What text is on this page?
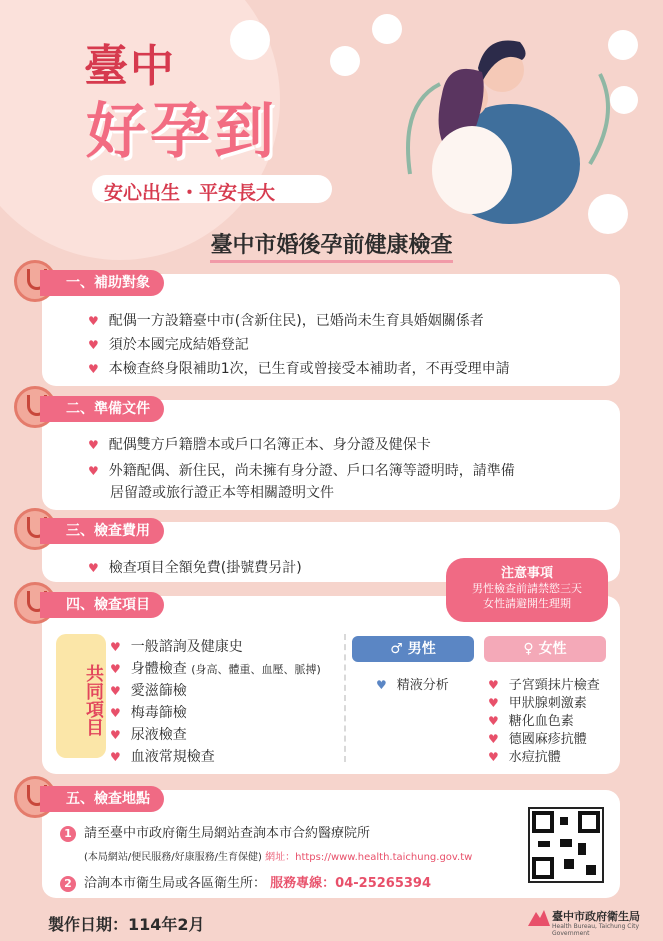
臺中
好孕到
安心出生・平安長大
臺中市婚後孕前健康檢查
一、補助對象
♥ 配偶一方設籍臺中市(含新住民)，已婚尚未生育具婚姻關係者
♥ 須於本國完成結婚登記
♥ 本檢查終身限補助1次，已生育或曾接受本補助者，不再受理申請
二、準備文件
♥ 配偶雙方戶籍謄本或戶口名簿正本、身分證及健保卡
♥ 外籍配偶、新住民，尚未擁有身分證、戶口名簿等證明時，請準備
居留證或旅行證正本等相關證明文件
三、檢查費用
♥ 檢查項目全額免費(掛號費另計)
四、檢查項目
注意事項
男性檢查前請禁慾三天
女性請避開生理期
共同項目
♥ 一般諮詢及健康史
♥ 身體檢查 (身高、體重、血壓、脈搏)
♥ 愛滋篩檢
♥ 梅毒篩檢
♥ 尿液檢查
♥ 血液常規檢查
♂ 男性	♀ 女性
♥ 精液分析	♥ 子宮頸抹片檢查
♥ 甲狀腺刺激素
♥ 糖化血色素
♥ 德國麻疹抗體
♥ 水痘抗體
五、檢查地點
1 請至臺中市政府衛生局網站查詢本市合約醫療院所
(本局網站/便民服務/好康服務/生育保健) 網址：https://www.health.taichung.gov.tw
2 洽詢本市衛生局或各區衛生所： 服務專線：04-25265394
製作日期：114年2月	臺中市政府衛生局
Health Bureau, Taichung City Government
